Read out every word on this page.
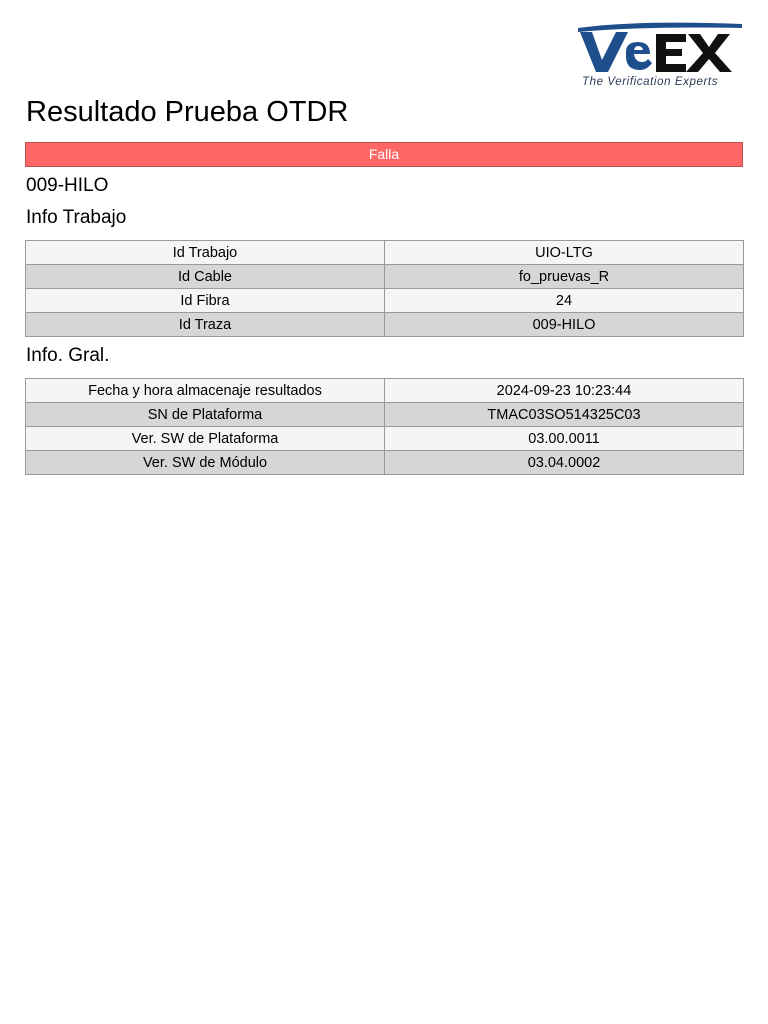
The Verification Experts
Resultado Prueba OTDR
Falla
009-HILO
Info Trabajo
Id Trabajo	UIO-LTG
Id Cable	fo_pruevas_R
Id Fibra	24
Id Traza	009-HILO
Info. Gral.
Fecha y hora almacenaje resultados	2024-09-23 10:23:44
SN de Plataforma	TMAC03SO514325C03
Ver. SW de Plataforma	03.00.0011
Ver. SW de Módulo	03.04.0002
